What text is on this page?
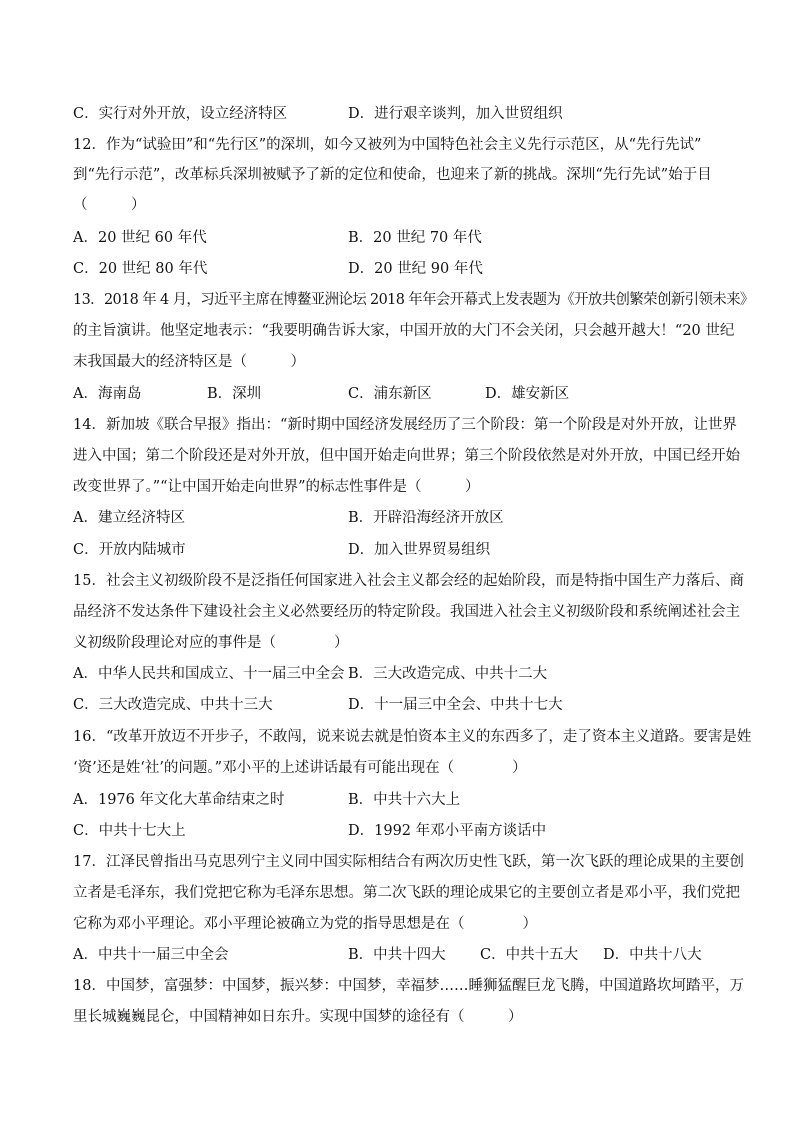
C．实行对外开放，设立经济特区	D．进行艰辛谈判，加入世贸组织
12．作为“试验田”和“先行区”的深圳，如今又被列为中国特色社会主义先行示范区，从“先行先试”
到“先行示范”，改革标兵深圳被赋予了新的定位和使命，也迎来了新的挑战。深圳“先行先试”始于目
（　　　）
A．20 世纪 60 年代	B．20 世纪 70 年代
C．20 世纪 80 年代	D．20 世纪 90 年代
13．2018 年 4 月，习近平主席在博鳌亚洲论坛 2018 年年会开幕式上发表题为《开放共创繁荣创新引领未来》
的主旨演讲。他坚定地表示：“我要明确告诉大家，中国开放的大门不会关闭，只会越开越大！“20 世纪
末我国最大的经济特区是（　　　）
A．海南岛	B．深圳	C．浦东新区	D．雄安新区
14．新加坡《联合早报》指出：“新时期中国经济发展经历了三个阶段：第一个阶段是对外开放，让世界
进入中国；第二个阶段还是对外开放，但中国开始走向世界；第三个阶段依然是对外开放，中国已经开始
改变世界了。”“让中国开始走向世界”的标志性事件是（　　　）
A．建立经济特区	B．开辟沿海经济开放区
C．开放内陆城市	D．加入世界贸易组织
15．社会主义初级阶段不是泛指任何国家进入社会主义都会经的起始阶段，而是特指中国生产力落后、商
品经济不发达条件下建设社会主义必然要经历的特定阶段。我国进入社会主义初级阶段和系统阐述社会主
义初级阶段理论对应的事件是（　　　　）
A．中华人民共和国成立、十一届三中全会 B．三大改造完成、中共十二大
C．三大改造完成、中共十三大	D．十一届三中全会、中共十七大
16．“改革开放迈不开步子，不敢闯，说来说去就是怕资本主义的东西多了，走了资本主义道路。要害是姓
‘资’还是姓‘社’的问题。”邓小平的上述讲话最有可能出现在（　　　　）
A．1976 年文化大革命结束之时	B．中共十六大上
C．中共十七大上	D．1992 年邓小平南方谈话中
17．江泽民曾指出马克思列宁主义同中国实际相结合有两次历史性飞跃，第一次飞跃的理论成果的主要创
立者是毛泽东，我们党把它称为毛泽东思想。第二次飞跃的理论成果它的主要创立者是邓小平，我们党把
它称为邓小平理论。邓小平理论被确立为党的指导思想是在（　　　　）
A．中共十一届三中全会	B．中共十四大 C．中共十五大 D．中共十八大
18．中国梦，富强梦：中国梦，振兴梦：中国梦，幸福梦……睡狮猛醒巨龙飞腾，中国道路坎坷踏平，万
里长城巍巍昆仑，中国精神如日东升。实现中国梦的途径有（　　　）
